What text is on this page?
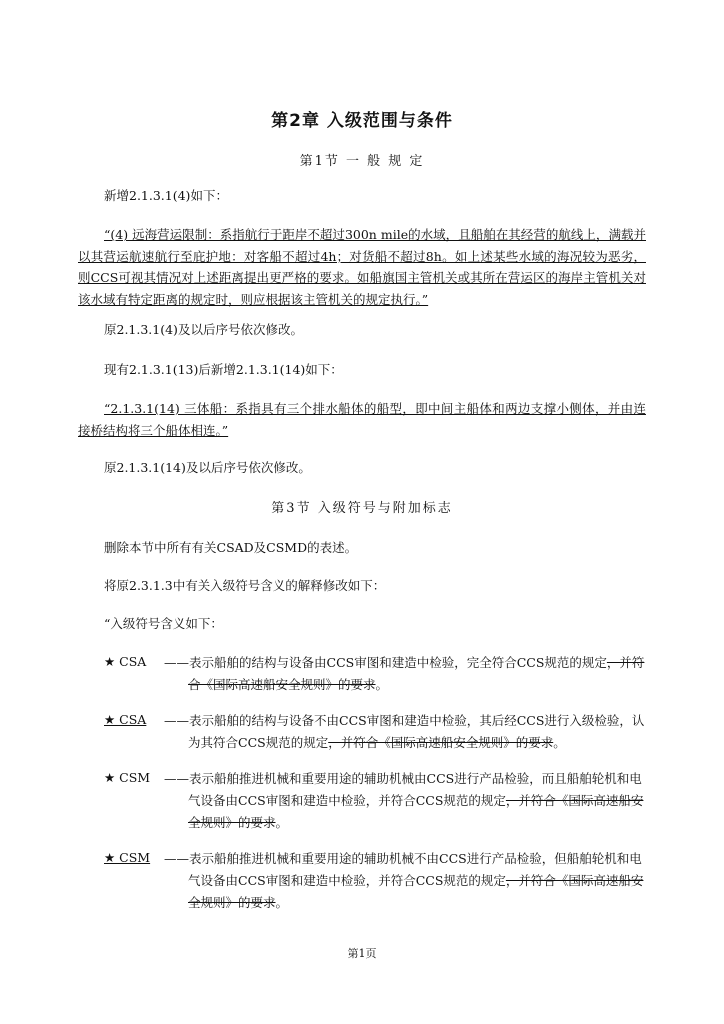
第2章 入级范围与条件
第1节 一 般 规 定
新增2.1.3.1(4)如下：
“(4) 远海营运限制：系指航行于距岸不超过300n mile的水域，且船舶在其经营的航线上，满载并以其营运航速航行至庇护地：对客船不超过4h；对货船不超过8h。如上述某些水域的海况较为恶劣，则CCS可视其情况对上述距离提出更严格的要求。如船旗国主管机关或其所在营运区的海岸主管机关对该水域有特定距离的规定时，则应根据该主管机关的规定执行。”
原2.1.3.1(4)及以后序号依次修改。
现有2.1.3.1(13)后新增2.1.3.1(14)如下：
“2.1.3.1(14) 三体船：系指具有三个排水船体的船型，即中间主船体和两边支撑小侧体，并由连接桥结构将三个船体相连。”
原2.1.3.1(14)及以后序号依次修改。
第3节 入级符号与附加标志
删除本节中所有有关CSAD及CSMD的表述。
将原2.3.1.3中有关入级符号含义的解释修改如下：
“入级符号含义如下：
★ CSA ——表示船舶的结构与设备由CCS审图和建造中检验，完全符合CCS规范的规定，并符
合《国际高速船安全规则》的要求。
★ CSA ——表示船舶的结构与设备不由CCS审图和建造中检验，其后经CCS进行入级检验，认
为其符合CCS规范的规定，并符合《国际高速船安全规则》的要求。
★ CSM ——表示船舶推进机械和重要用途的辅助机械由CCS进行产品检验，而且船舶轮机和电
气设备由CCS审图和建造中检验，并符合CCS规范的规定，并符合《国际高速船安全规则》的要求。
★ CSM ——表示船舶推进机械和重要用途的辅助机械不由CCS进行产品检验，但船舶轮机和电
气设备由CCS审图和建造中检验，并符合CCS规范的规定，并符合《国际高速船安全规则》的要求。
第1页
